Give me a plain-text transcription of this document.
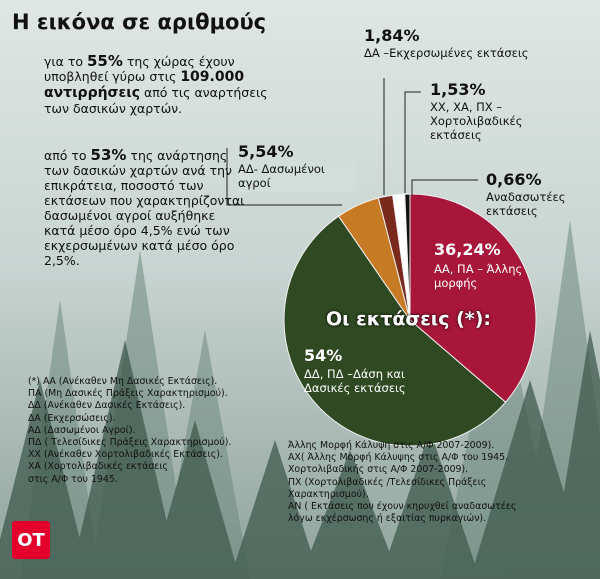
Η εικόνα σε αριθμούς

για το 55% της χώρας έχουν υποβληθεί γύρω στις 109.000 αντιρρήσεις από τις αναρτήσεις των δασικών χαρτών.

από το 53% της ανάρτησης των δασικών χαρτών ανά την επικράτεια, ποσοστό των εκτάσεων που χαρακτηρίζονται δασωμένοι αγροί αυξήθηκε κατά μέσο όρο 4,5% ενώ των εκχερσωμένων κατά μέσο όρο 2,5%.

Οι εκτάσεις (*):
36,24%
ΑΑ, ΠΑ – Άλλης μορφής
54%
ΔΔ, ΠΔ –Δάση και Δασικές εκτάσεις
5,54%
ΑΔ- Δασωμένοι αγροί
1,84%
ΔΑ –Εκχερσωμένες εκτάσεις
1,53%
ΧΧ, ΧΑ, ΠΧ – Χορτολιβαδικές εκτάσεις
0,66%
Αναδασωτέες εκτάσεις
(*) ΑΑ (Ανέκαθεν Μη Δασικές Εκτάσεις).
ΠΑ (Μη Δασικές Πράξεις Χαρακτηρισμού).
ΔΔ (Ανέκαθεν Δασικές Εκτάσεις).
ΔΑ (Εκχερσώσεις).
ΑΔ (Δασωμένοι Αγροί).
ΠΔ ( Τελεσίδικες Πράξεις Χαρακτηρισμού).
ΧΧ (Ανέκαθεν Χορτολιβαδικές Εκτάσεις).
ΧΑ (Χορτολιβαδικές εκτάσεις
στις Α/Φ του 1945.
Άλλης Μορφή Κάλυψη στις Α/Φ 2007-2009).
ΑΧ( Άλλης Μορφή Κάλυψης στις Α/Φ του 1945.
Χορτολιβαδικής στις Α/Φ 2007-2009).
ΠΧ (Χορτολιβαδικές /Τελεσίδικες Πράξεις
Χαρακτηρισμού).
ΑΝ ( Εκτάσεις που έχουν κηρυχθεί αναδασωτέες
λόγω εκχέρσωσης ή εξαιτίας πυρκαγιών).
ΟΤ
